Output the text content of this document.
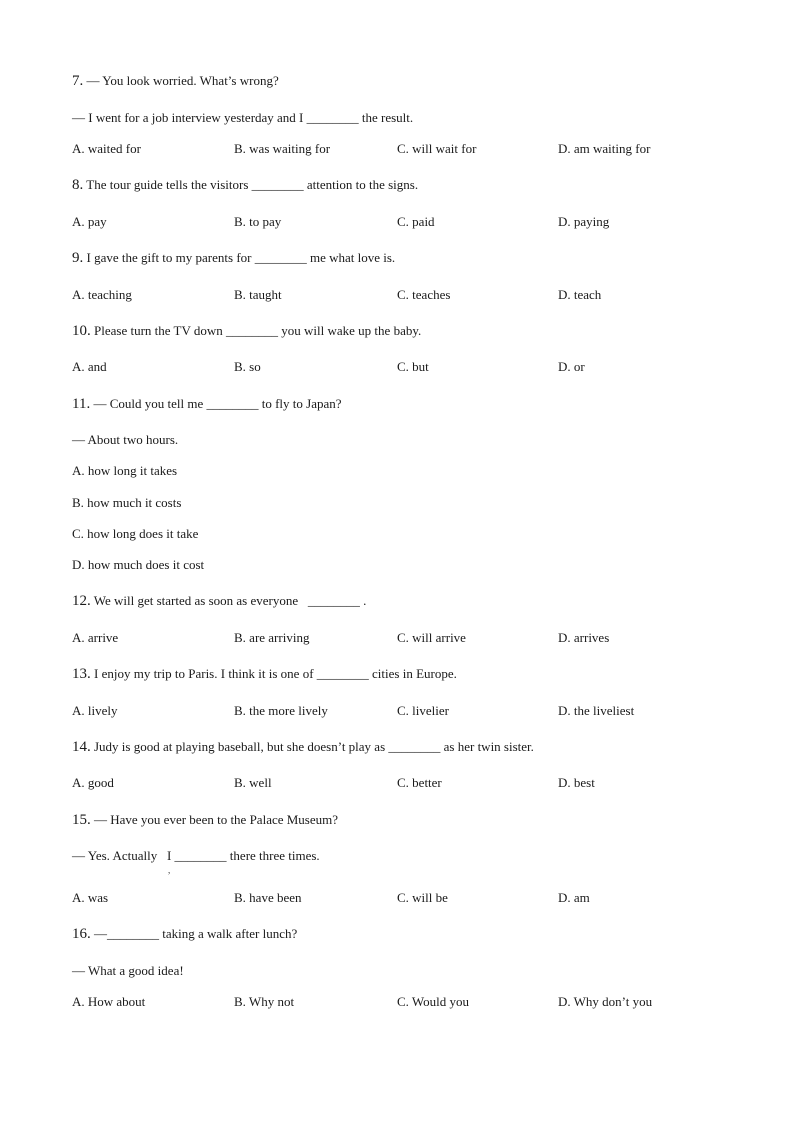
7. — You look worried. What’s wrong?
— I went for a job interview yesterday and I ________ the result.
A. waited for	B. was waiting for	C. will wait for	D. am waiting for
8. The tour guide tells the visitors ________ attention to the signs.
A. pay	B. to pay	C. paid	D. paying
9. I gave the gift to my parents for ________ me what love is.
A. teaching	B. taught	C. teaches	D. teach
10. Please turn the TV down ________ you will wake up the baby.
A. and	B. so	C. but	D. or
11. — Could you tell me ________ to fly to Japan?
— About two hours.
A. how long it takes
B. how much it costs
C. how long does it take
D. how much does it cost
12. We will get started as soon as everyone   ________ .
A. arrive	B. are arriving	C. will arrive	D. arrives
13. I enjoy my trip to Paris. I think it is one of ________ cities in Europe.
A. lively	B. the more lively	C. livelier	D. the liveliest
14. Judy is good at playing baseball, but she doesn’t play as ________ as her twin sister.
A. good	B. well	C. better	D. best
15. — Have you ever been to the Palace Museum?
— Yes. Actually   I ________ there three times.
,
A. was	B. have been	C. will be	D. am
16. —________ taking a walk after lunch?
— What a good idea!
A. How about	B. Why not	C. Would you	D. Why don’t you
